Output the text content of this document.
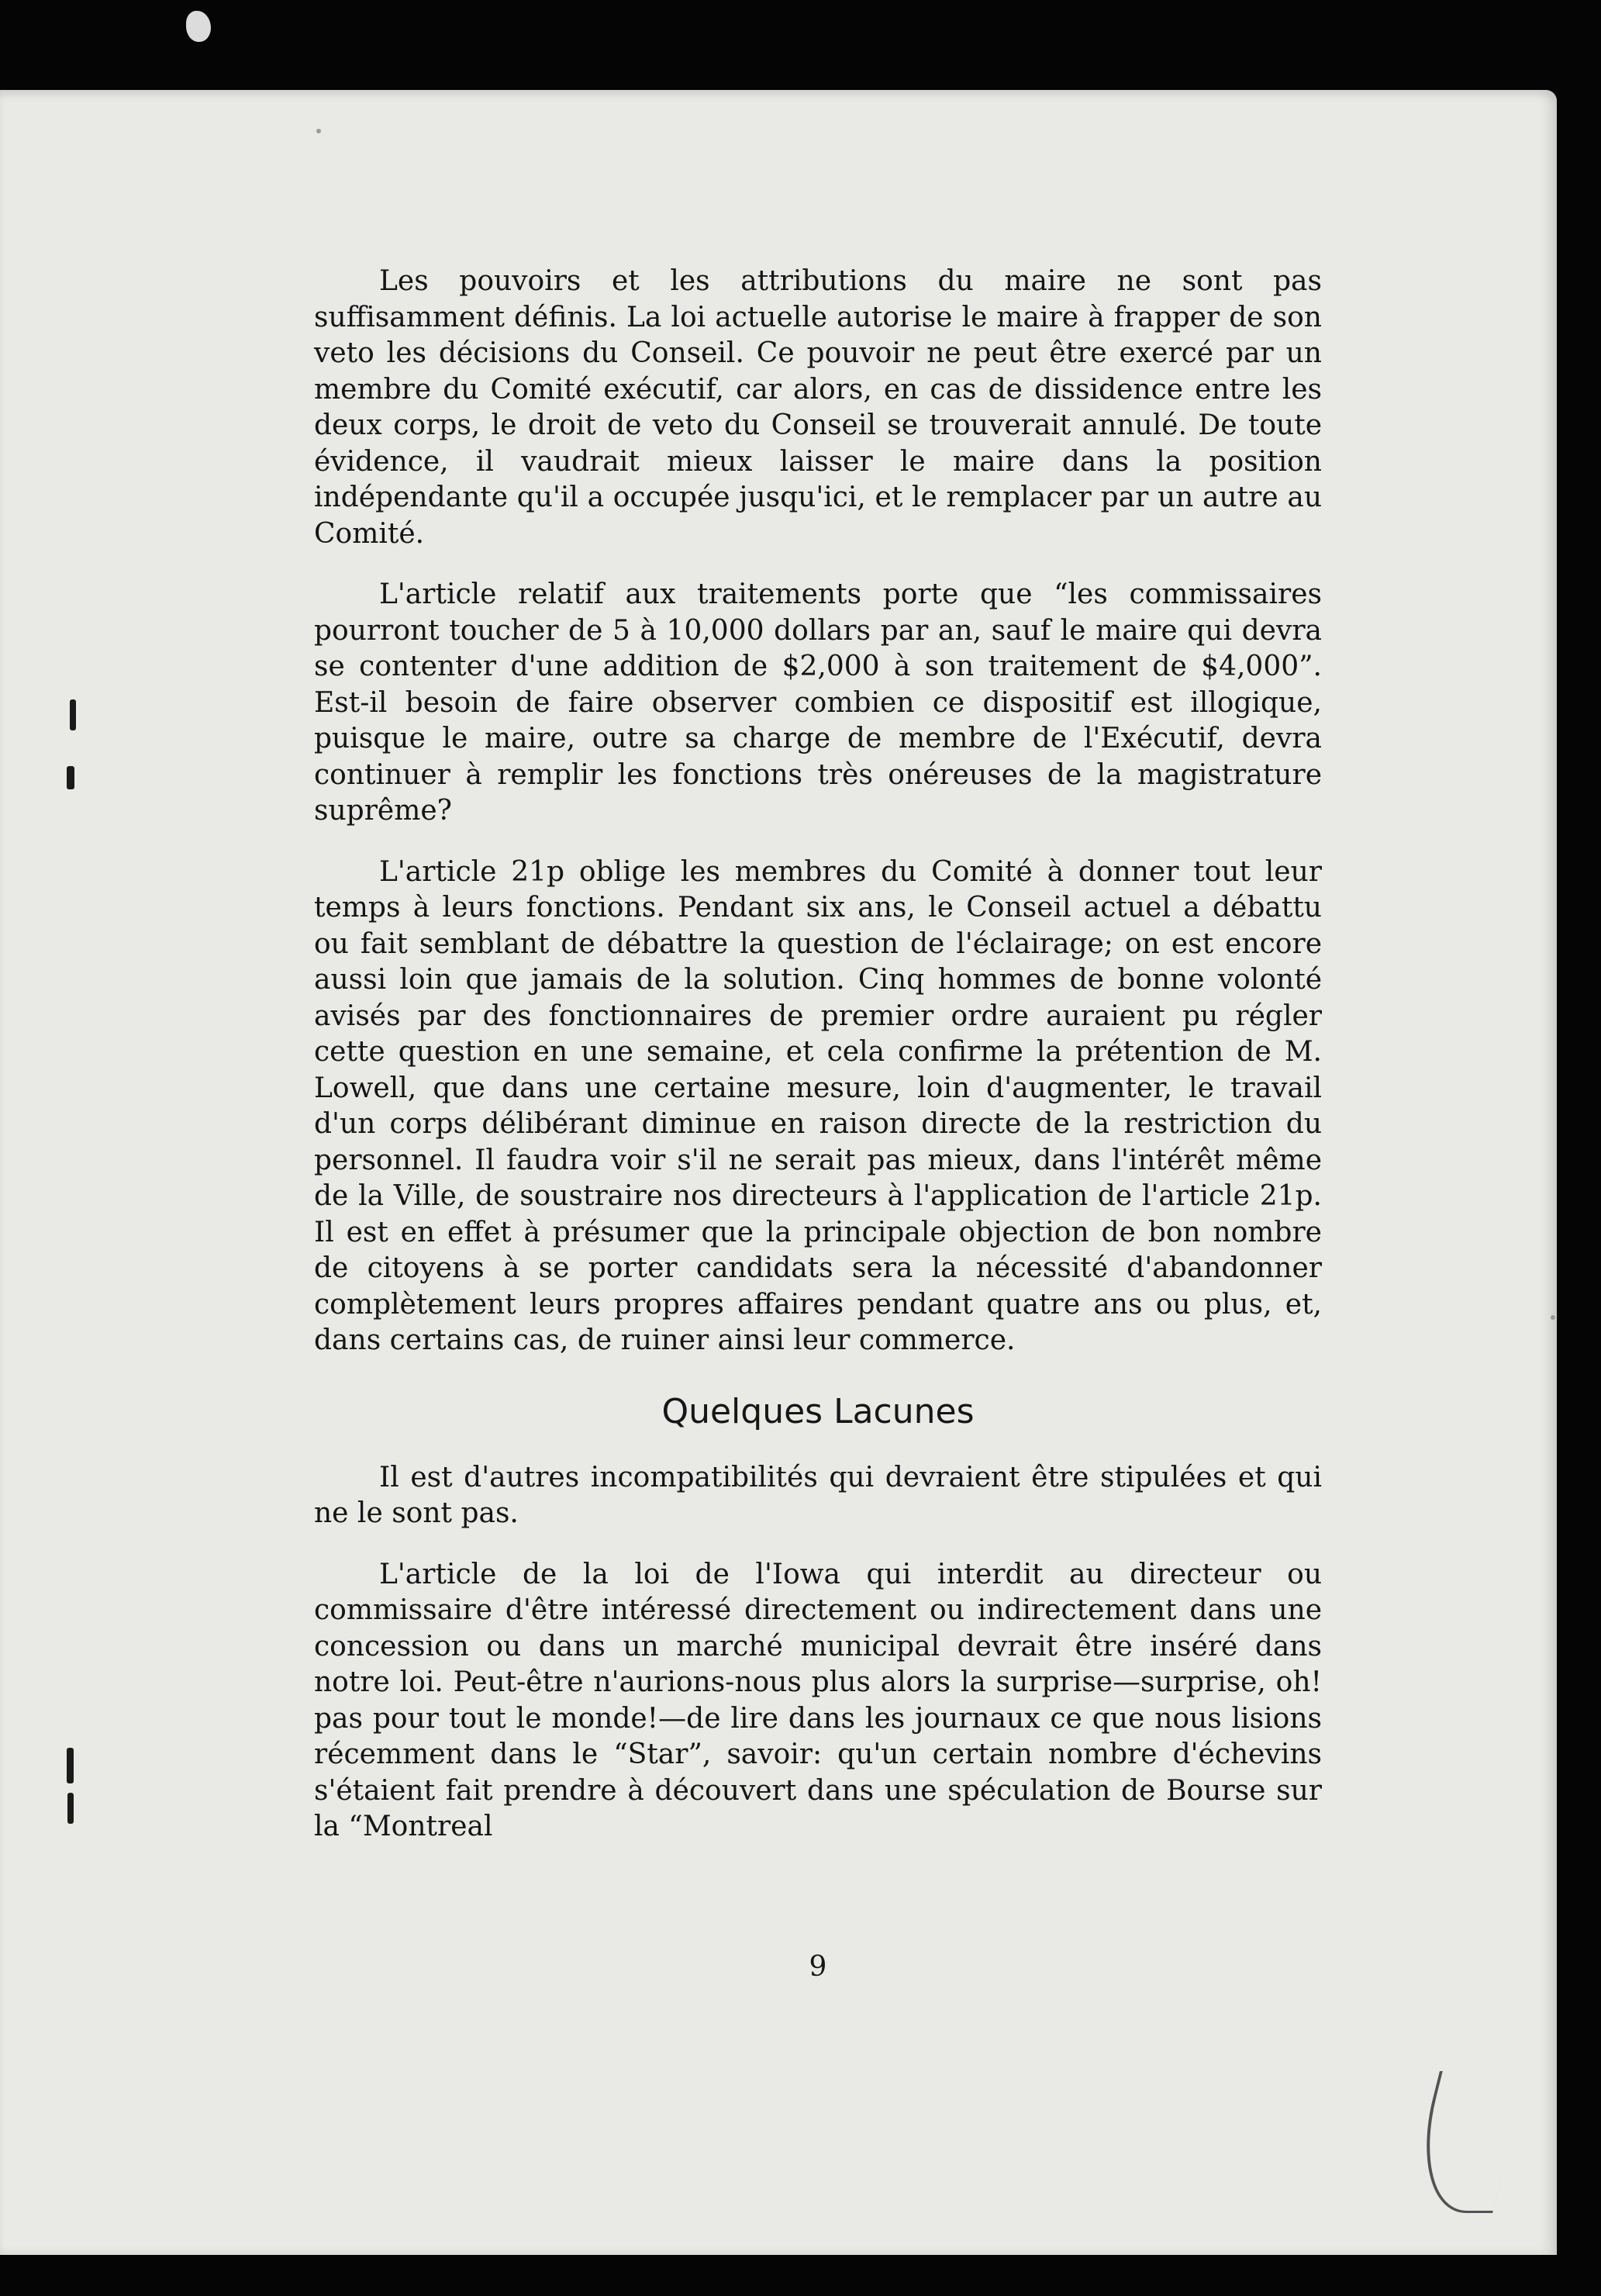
Les pouvoirs et les attributions du maire ne sont pas suffisamment définis. La loi actuelle autorise le maire à frapper de son veto les décisions du Conseil. Ce pouvoir ne peut être exercé par un membre du Comité exécutif, car alors, en cas de dissidence entre les deux corps, le droit de veto du Conseil se trouverait annulé. De toute évidence, il vaudrait mieux laisser le maire dans la position indépendante qu'il a occupée jusqu'ici, et le remplacer par un autre au Comité.

L'article relatif aux traitements porte que “les commissaires pourront toucher de 5 à 10,000 dollars par an, sauf le maire qui devra se contenter d'une addition de $2,000 à son traitement de $4,000”. Est-il besoin de faire observer combien ce dispositif est illogique, puisque le maire, outre sa charge de membre de l'Exécutif, devra continuer à remplir les fonctions très onéreuses de la magistrature suprême?

L'article 21p oblige les membres du Comité à donner tout leur temps à leurs fonctions. Pendant six ans, le Conseil actuel a débattu ou fait semblant de débattre la question de l'éclairage; on est encore aussi loin que jamais de la solution. Cinq hommes de bonne volonté avisés par des fonctionnaires de premier ordre auraient pu régler cette question en une semaine, et cela confirme la prétention de M. Lowell, que dans une certaine mesure, loin d'augmenter, le travail d'un corps délibérant diminue en raison directe de la restriction du personnel. Il faudra voir s'il ne serait pas mieux, dans l'intérêt même de la Ville, de soustraire nos directeurs à l'application de l'article 21p. Il est en effet à présumer que la principale objection de bon nombre de citoyens à se porter candidats sera la nécessité d'abandonner complètement leurs propres affaires pendant quatre ans ou plus, et, dans certains cas, de ruiner ainsi leur commerce.

Quelques Lacunes

Il est d'autres incompatibilités qui devraient être stipulées et qui ne le sont pas.

L'article de la loi de l'Iowa qui interdit au directeur ou commissaire d'être intéressé directement ou indirectement dans une concession ou dans un marché municipal devrait être inséré dans notre loi. Peut-être n'aurions-nous plus alors la surprise—surprise, oh! pas pour tout le monde!—de lire dans les journaux ce que nous lisions récemment dans le “Star”, savoir: qu'un certain nombre d'échevins s'étaient fait prendre à découvert dans une spéculation de Bourse sur la “Montreal

9
